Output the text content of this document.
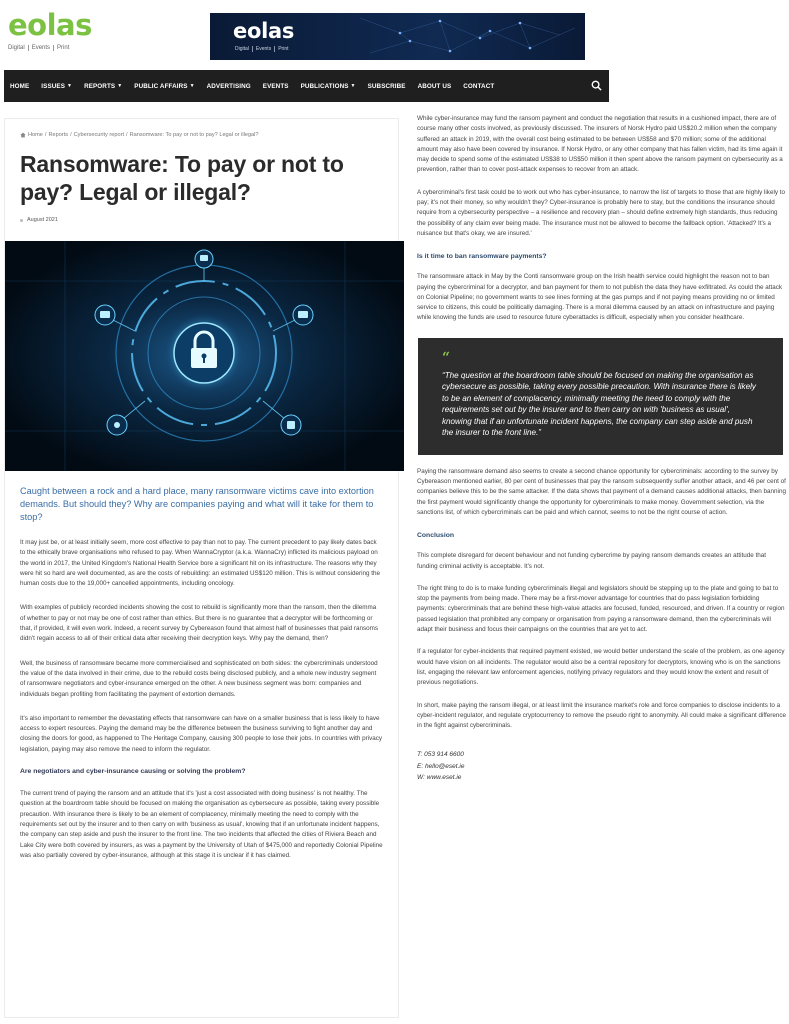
eolas
Digital	Events	Print
eolas
Digital	Events	Print
HOME ISSUES ▼ REPORTS ▼ PUBLIC AFFAIRS ▼ ADVERTISING EVENTS PUBLICATIONS ▼ SUBSCRIBE ABOUT US CONTACT
Home / Reports / Cybersecurity report / Ransomware: To pay or not to pay? Legal or illegal?
Ransomware: To pay or not to pay? Legal or illegal?
August 2021

Caught between a rock and a hard place, many ransomware victims cave into extortion demands. But should they? Why are companies paying and what will it take for them to stop?

It may just be, or at least initially seem, more cost effective to pay than not to pay. The current precedent to pay likely dates back to the ethically brave organisations who refused to pay. When WannaCryptor (a.k.a. WannaCry) inflicted its malicious payload on the world in 2017, the United Kingdom's National Health Service bore a significant hit on its infrastructure. The reasons why they were hit so hard are well documented, as are the costs of rebuilding: an estimated US$120 million. This is without considering the human costs due to the 19,000+ cancelled appointments, including oncology.

With examples of publicly recorded incidents showing the cost to rebuild is significantly more than the ransom, then the dilemma of whether to pay or not may be one of cost rather than ethics. But there is no guarantee that a decryptor will be forthcoming or that, if provided, it will even work. Indeed, a recent survey by Cybereason found that almost half of businesses that paid ransoms didn't regain access to all of their critical data after receiving their decryption keys. Why pay the demand, then?

Well, the business of ransomware became more commercialised and sophisticated on both sides: the cybercriminals understood the value of the data involved in their crime, due to the rebuild costs being disclosed publicly, and a whole new industry segment of ransomware negotiators and cyber-insurance emerged on the other. A new business segment was born: companies and individuals began profiting from facilitating the payment of extortion demands.

It's also important to remember the devastating effects that ransomware can have on a smaller business that is less likely to have access to expert resources. Paying the demand may be the difference between the business surviving to fight another day and closing the doors for good, as happened to The Heritage Company, causing 300 people to lose their jobs. In countries with privacy legislation, paying may also remove the need to inform the regulator.

Are negotiators and cyber-insurance causing or solving the problem?

The current trend of paying the ransom and an attitude that it's 'just a cost associated with doing business' is not healthy. The question at the boardroom table should be focused on making the organisation as cybersecure as possible, taking every possible precaution. With insurance there is likely to be an element of complacency, minimally meeting the need to comply with the requirements set out by the insurer and to then carry on with 'business as usual', knowing that if an unfortunate incident happens, the company can step aside and push the insurer to the front line. The two incidents that affected the cities of Riviera Beach and Lake City were both covered by insurers, as was a payment by the University of Utah of $475,000 and reportedly Colonial Pipeline was also partially covered by cyber-insurance, although at this stage it is unclear if it has claimed.

While cyber-insurance may fund the ransom payment and conduct the negotiation that results in a cushioned impact, there are of course many other costs involved, as previously discussed. The insurers of Norsk Hydro paid US$20.2 million when the company suffered an attack in 2019, with the overall cost being estimated to be between US$58 and $70 million; some of the additional amount may also have been covered by insurance. If Norsk Hydro, or any other company that has fallen victim, had its time again it may decide to spend some of the estimated US$38 to US$50 million it then spent above the ransom payment on cybersecurity as a prevention, rather than to cover post-attack expenses to recover from an attack.

A cybercriminal's first task could be to work out who has cyber-insurance, to narrow the list of targets to those that are highly likely to pay; it's not their money, so why wouldn't they? Cyber-insurance is probably here to stay, but the conditions the insurance should require from a cybersecurity perspective – a resilience and recovery plan – should define extremely high standards, thus reducing the possibility of any claim ever being made. The insurance must not be allowed to become the fallback option. 'Attacked? It's a nuisance but that's okay, we are insured.'

Is it time to ban ransomware payments?

The ransomware attack in May by the Conti ransomware group on the Irish health service could highlight the reason not to ban paying the cybercriminal for a decryptor, and ban payment for them to not publish the data they have exfiltrated. As could the attack on Colonial Pipeline; no government wants to see lines forming at the gas pumps and if not paying means providing no or limited service to citizens, this could be politically damaging. There is a moral dilemma caused by an attack on infrastructure and paying while knowing the funds are used to resource future cyberattacks is difficult, especially when you consider healthcare.

“

“The question at the boardroom table should be focused on making the organisation as cybersecure as possible, taking every possible precaution. With insurance there is likely to be an element of complacency, minimally meeting the need to comply with the requirements set out by the insurer and to then carry on with 'business as usual', knowing that if an unfortunate incident happens, the company can step aside and push the insurer to the front line.”

Paying the ransomware demand also seems to create a second chance opportunity for cybercriminals: according to the survey by Cybereason mentioned earlier, 80 per cent of businesses that pay the ransom subsequently suffer another attack, and 46 per cent of companies believe this to be the same attacker. If the data shows that payment of a demand causes additional attacks, then banning the first payment would significantly change the opportunity for cybercriminals to make money. Government selection, via the sanctions list, of which cybercriminals can be paid and which cannot, seems to not be the right course of action.

Conclusion

This complete disregard for decent behaviour and not funding cybercrime by paying ransom demands creates an attitude that funding criminal activity is acceptable. It's not.

The right thing to do is to make funding cybercriminals illegal and legislators should be stepping up to the plate and going to bat to stop the payments from being made. There may be a first-mover advantage for countries that do pass legislation forbidding payments: cybercriminals that are behind these high-value attacks are focused, funded, resourced, and driven. If a country or region passed legislation that prohibited any company or organisation from paying a ransomware demand, then the cybercriminals will adapt their business and focus their campaigns on the countries that are yet to act.

If a regulator for cyber-incidents that required payment existed, we would better understand the scale of the problem, as one agency would have vision on all incidents. The regulator would also be a central repository for decryptors, knowing who is on the sanctions list, engaging the relevant law enforcement agencies, notifying privacy regulators and they would know the extent and result of previous negotiations.

In short, make paying the ransom illegal, or at least limit the insurance market's role and force companies to disclose incidents to a cyber-incident regulator, and regulate cryptocurrency to remove the pseudo right to anonymity. All could make a significant difference in the fight against cybercriminals.

T: 053 914 6600
E: hello@eset.ie
W: www.eset.ie
